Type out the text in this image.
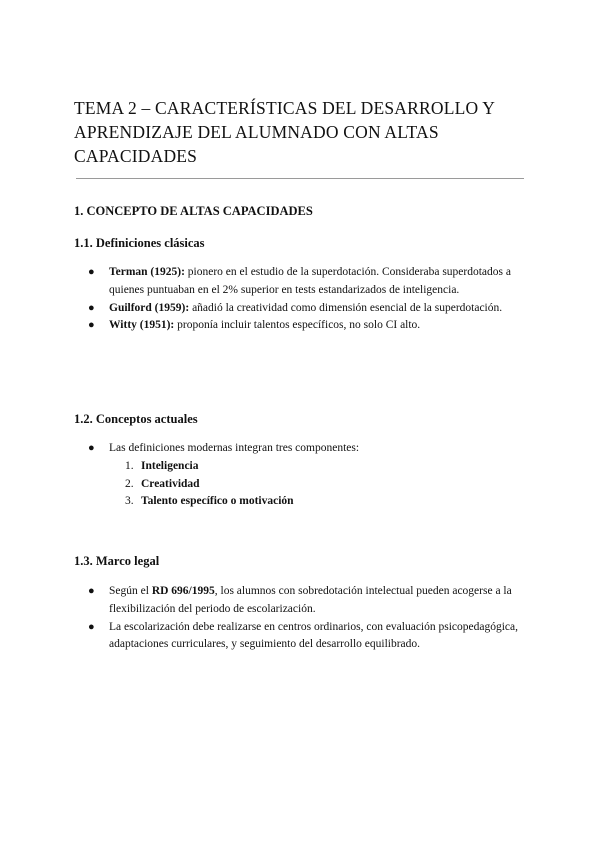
TEMA 2 – CARACTERÍSTICAS DEL DESARROLLO Y APRENDIZAJE DEL ALUMNADO CON ALTAS CAPACIDADES
1. CONCEPTO DE ALTAS CAPACIDADES
1.1. Definiciones clásicas
● Terman (1925): pionero en el estudio de la superdotación. Consideraba superdotados a quienes puntuaban en el 2% superior en tests estandarizados de inteligencia.
● Guilford (1959): añadió la creatividad como dimensión esencial de la superdotación.
● Witty (1951): proponía incluir talentos específicos, no solo CI alto.
1.2. Conceptos actuales
● Las definiciones modernas integran tres componentes:
1. Inteligencia
2. Creatividad
3. Talento específico o motivación
1.3. Marco legal
● Según el RD 696/1995, los alumnos con sobredotación intelectual pueden acogerse a la flexibilización del periodo de escolarización.
● La escolarización debe realizarse en centros ordinarios, con evaluación psicopedagógica, adaptaciones curriculares, y seguimiento del desarrollo equilibrado.
